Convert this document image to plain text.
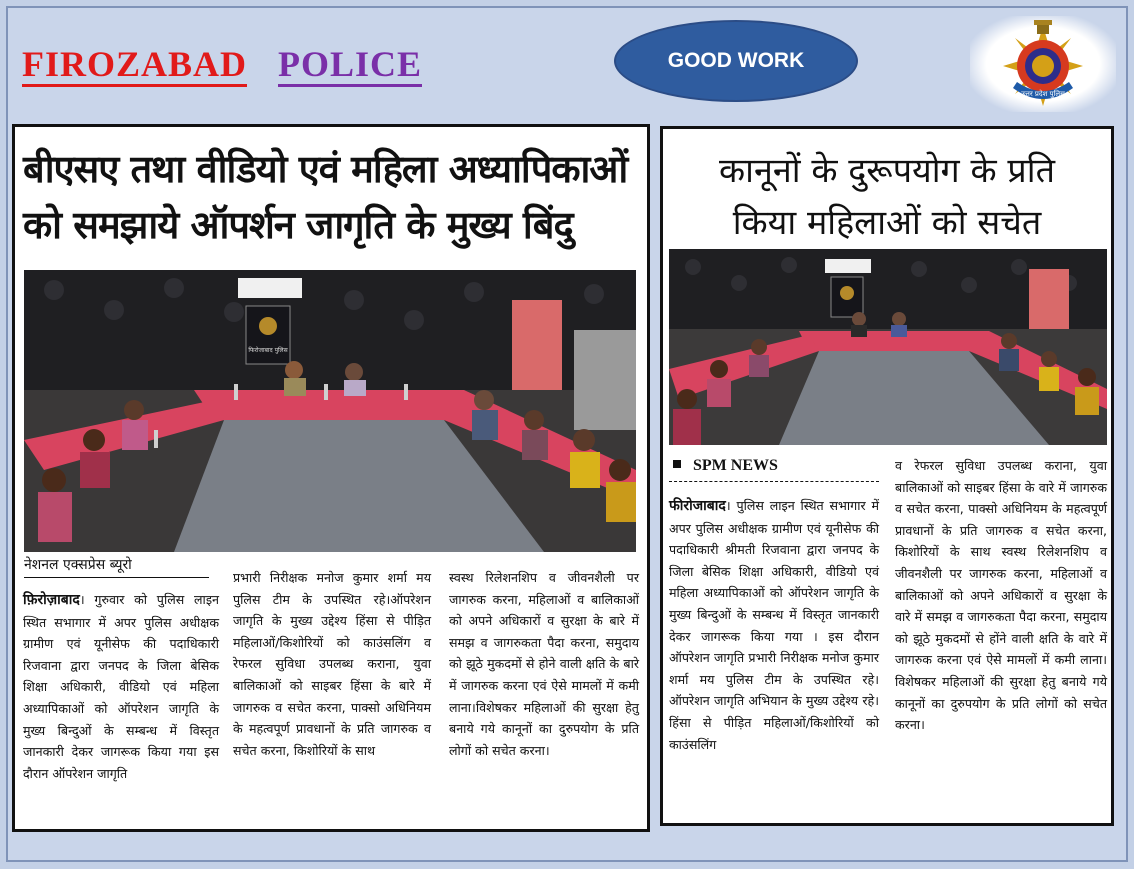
FIROZABAD POLICE	GOOD WORK
उत्तर प्रदेश पुलिस
बीएसए तथा वीडियो एवं महिला अध्यापिकाओं
को समझाये ऑपर्शन जागृति के मुख्य बिंदु
फिरोजाबाद पुलिस
नेशनल एक्सप्रेस ब्यूरो
फ़िरोज़ाबाद। गुरुवार को पुलिस लाइन स्थित सभागार में अपर पुलिस अधीक्षक ग्रामीण एवं यूनीसेफ की पदाधिकारी रिजवाना द्वारा जनपद के जिला बेसिक शिक्षा अधिकारी, वीडियो एवं महिला अध्यापिकाओं को ऑपरेशन जागृति के मुख्य बिन्दुओं के सम्बन्ध में विस्तृत जानकारी देकर जागरूक किया गया इस दौरान ऑपरेशन जागृति
प्रभारी निरीक्षक मनोज कुमार शर्मा मय पुलिस टीम के उपस्थित रहे।ऑपरेशन जागृति के मुख्य उद्देश्य हिंसा से पीड़ित महिलाओं/किशोरियों को काउंसलिंग व रेफरल सुविधा उपलब्ध कराना, युवा बालिकाओं को साइबर हिंसा के बारे में जागरुक व सचेत करना, पाक्सो अधिनियम के महत्वपूर्ण प्रावधानों के प्रति जागरुक व सचेत करना, किशोरियों के साथ
स्वस्थ रिलेशनशिप व जीवनशैली पर जागरुक करना, महिलाओं व बालिकाओं को अपने अधिकारों व सुरक्षा के बारे में समझ व जागरुकता पैदा करना, समुदाय को झूठे मुकदमों से होने वाली क्षति के बारे में जागरुक करना एवं ऐसे मामलों में कमी लाना।विशेषकर महिलाओं की सुरक्षा हेतु बनाये गये कानूनों का दुरुपयोग के प्रति लोगों को सचेत करना।
कानूनों के दुरूपयोग के प्रति
किया महिलाओं को सचेत
SPM NEWS
फीरोजाबाद। पुलिस लाइन स्थित सभागार में अपर पुलिस अधीक्षक ग्रामीण एवं यूनीसेफ की पदाधिकारी श्रीमती रिजवाना द्वारा जनपद के जिला बेसिक शिक्षा अधिकारी, वीडियो एवं महिला अध्यापिकाओं को ऑपरेशन जागृति के मुख्य बिन्दुओं के सम्बन्ध में विस्तृत जानकारी देकर जागरूक किया गया । इस दौरान ऑपरेशन जागृति प्रभारी निरीक्षक मनोज कुमार शर्मा मय पुलिस टीम के उपस्थित रहे। ऑपरेशन जागृति अभियान के मुख्य उद्देश्य रहे। हिंसा से पीड़ित महिलाओं/किशोरियों को काउंसलिंग
व रेफरल सुविधा उपलब्ध कराना, युवा बालिकाओं को साइबर हिंसा के वारे में जागरुक व सचेत करना, पाक्सो अधिनियम के महत्वपूर्ण प्रावधानों के प्रति जागरुक व सचेत करना, किशोरियों के साथ स्वस्थ रिलेशनशिप व जीवनशैली पर जागरुक करना, महिलाओं व बालिकाओं को अपने अधिकारों व सुरक्षा के वारे में समझ व जागरुकता पैदा करना, समुदाय को झूठे मुकदमों से होंने वाली क्षति के वारे में जागरुक करना एवं ऐसे मामलों में कमी लाना। विशेषकर महिलाओं की सुरक्षा हेतु बनाये गये कानूनों का दुरुपयोग के प्रति लोगों को सचेत करना।
